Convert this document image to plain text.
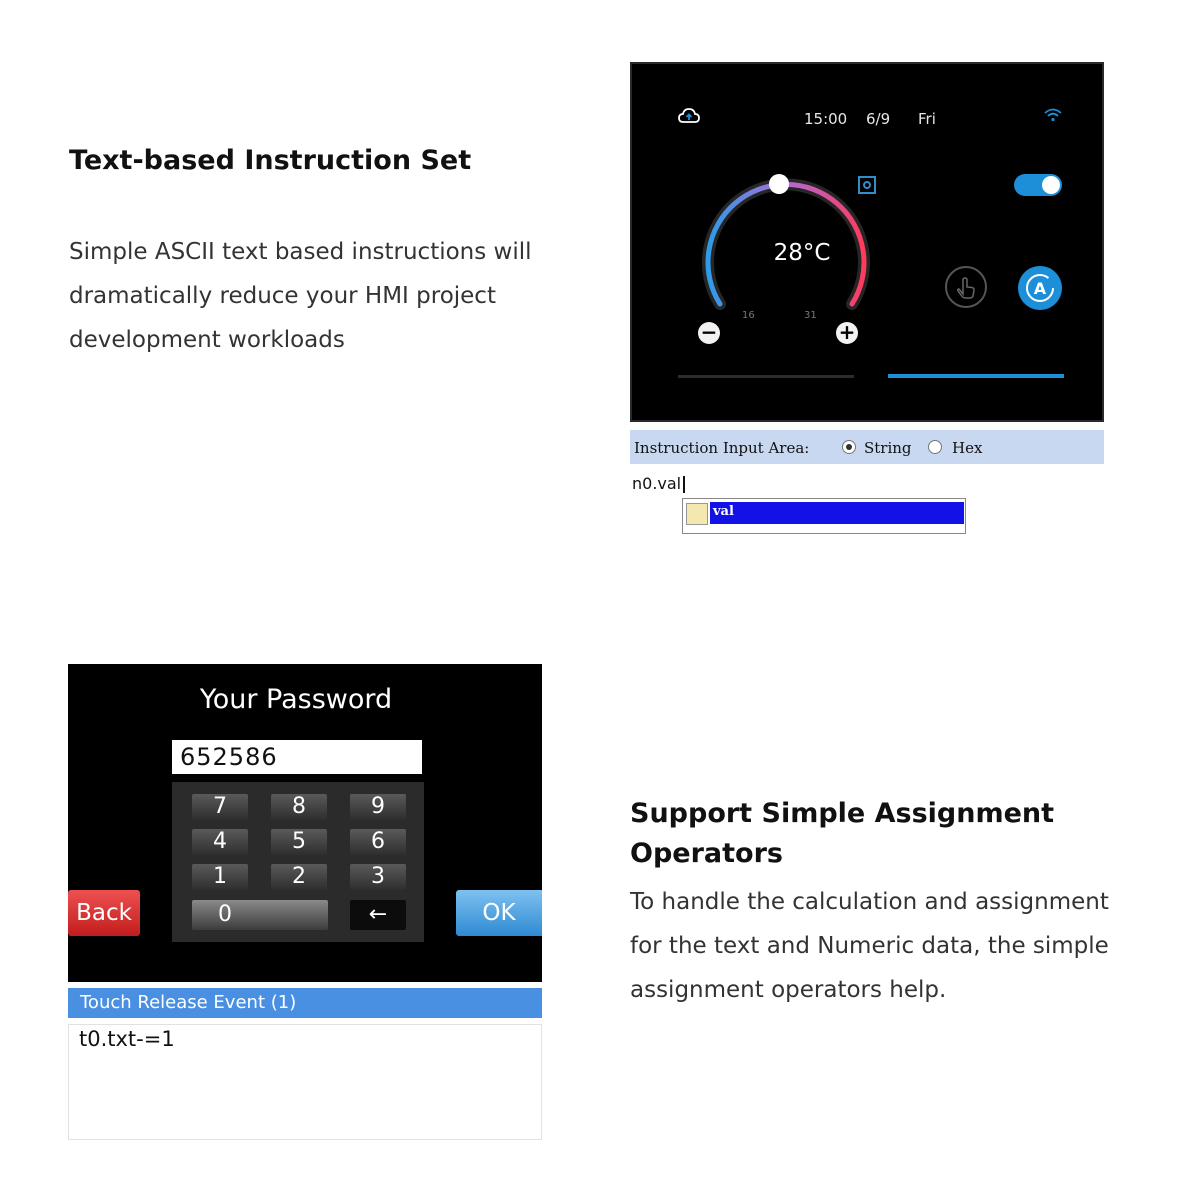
Text-based Instruction Set
Simple ASCII text based instructions will dramatically reduce your HMI project development workloads
15:00 6/9 Fri
28°C
16	31
−	+
A
Instruction Input Area:	String	Hex
n0.val
val
Your Password
652586
7	8	9
4	5	6
1	2	3
0	←
Back	OK
Touch Release Event (1)
t0.txt-=1
Support Simple Assignment Operators
To handle the calculation and assignment for the text and Numeric data, the simple assignment operators help.
